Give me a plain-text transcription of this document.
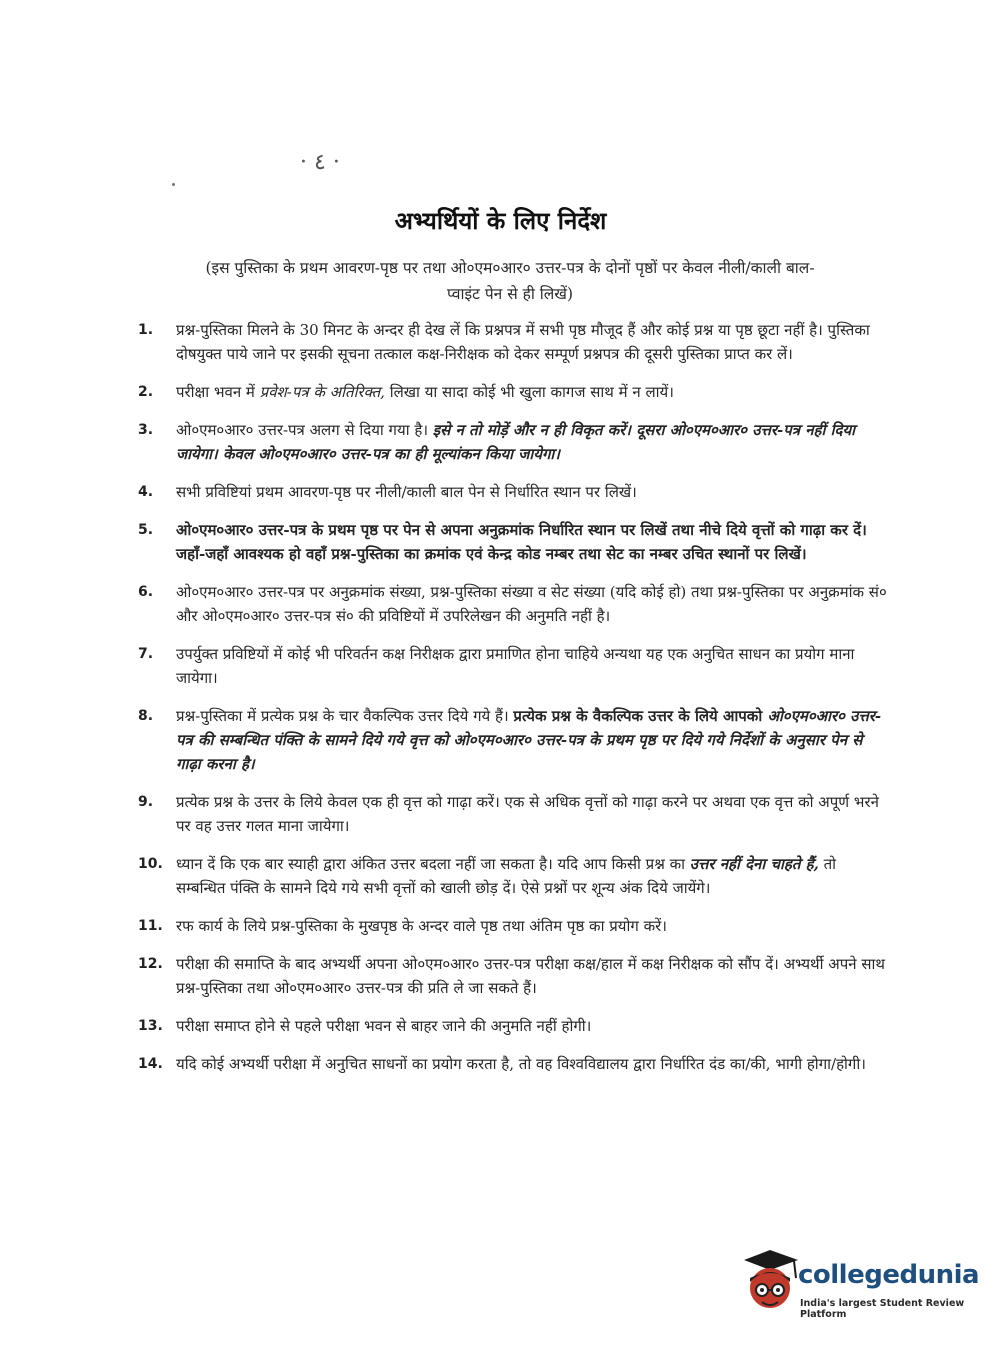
· ٤ ·
अभ्यर्थियों के लिए निर्देश
(इस पुस्तिका के प्रथम आवरण-पृष्ठ पर तथा ओ०एम०आर० उत्तर-पत्र के दोनों पृष्ठों पर केवल नीली/काली बाल-प्वाइंट पेन से ही लिखें)
1. प्रश्न-पुस्तिका मिलने के 30 मिनट के अन्दर ही देख लें कि प्रश्नपत्र में सभी पृष्ठ मौजूद हैं और कोई प्रश्न या पृष्ठ छूटा नहीं है। पुस्तिका दोषयुक्त पाये जाने पर इसकी सूचना तत्काल कक्ष-निरीक्षक को देकर सम्पूर्ण प्रश्नपत्र की दूसरी पुस्तिका प्राप्त कर लें।
2. परीक्षा भवन में प्रवेश-पत्र के अतिरिक्त, लिखा या सादा कोई भी खुला कागज साथ में न लायें।
3. ओ०एम०आर० उत्तर-पत्र अलग से दिया गया है। इसे न तो मोड़ें और न ही विकृत करें। दूसरा ओ०एम०आर० उत्तर-पत्र नहीं दिया जायेगा। केवल ओ०एम०आर० उत्तर-पत्र का ही मूल्यांकन किया जायेगा।
4. सभी प्रविष्टियां प्रथम आवरण-पृष्ठ पर नीली/काली बाल पेन से निर्धारित स्थान पर लिखें।
5. ओ०एम०आर० उत्तर-पत्र के प्रथम पृष्ठ पर पेन से अपना अनुक्रमांक निर्धारित स्थान पर लिखें तथा नीचे दिये वृत्तों को गाढ़ा कर दें। जहाँ-जहाँ आवश्यक हो वहाँ प्रश्न-पुस्तिका का क्रमांक एवं केन्द्र कोड नम्बर तथा सेट का नम्बर उचित स्थानों पर लिखें।
6. ओ०एम०आर० उत्तर-पत्र पर अनुक्रमांक संख्या, प्रश्न-पुस्तिका संख्या व सेट संख्या (यदि कोई हो) तथा प्रश्न-पुस्तिका पर अनुक्रमांक सं० और ओ०एम०आर० उत्तर-पत्र सं० की प्रविष्टियों में उपरिलेखन की अनुमति नहीं है।
7. उपर्युक्त प्रविष्टियों में कोई भी परिवर्तन कक्ष निरीक्षक द्वारा प्रमाणित होना चाहिये अन्यथा यह एक अनुचित साधन का प्रयोग माना जायेगा।
8. प्रश्न-पुस्तिका में प्रत्येक प्रश्न के चार वैकल्पिक उत्तर दिये गये हैं। प्रत्येक प्रश्न के वैकल्पिक उत्तर के लिये आपको ओ०एम०आर० उत्तर-पत्र की सम्बन्धित पंक्ति के सामने दिये गये वृत्त को ओ०एम०आर० उत्तर-पत्र के प्रथम पृष्ठ पर दिये गये निर्देशों के अनुसार पेन से गाढ़ा करना है।
9. प्रत्येक प्रश्न के उत्तर के लिये केवल एक ही वृत्त को गाढ़ा करें। एक से अधिक वृत्तों को गाढ़ा करने पर अथवा एक वृत्त को अपूर्ण भरने पर वह उत्तर गलत माना जायेगा।
10. ध्यान दें कि एक बार स्याही द्वारा अंकित उत्तर बदला नहीं जा सकता है। यदि आप किसी प्रश्न का उत्तर नहीं देना चाहते हैं, तो सम्बन्धित पंक्ति के सामने दिये गये सभी वृत्तों को खाली छोड़ दें। ऐसे प्रश्नों पर शून्य अंक दिये जायेंगे।
11. रफ कार्य के लिये प्रश्न-पुस्तिका के मुखपृष्ठ के अन्दर वाले पृष्ठ तथा अंतिम पृष्ठ का प्रयोग करें।
12. परीक्षा की समाप्ति के बाद अभ्यर्थी अपना ओ०एम०आर० उत्तर-पत्र परीक्षा कक्ष/हाल में कक्ष निरीक्षक को सौंप दें। अभ्यर्थी अपने साथ प्रश्न-पुस्तिका तथा ओ०एम०आर० उत्तर-पत्र की प्रति ले जा सकते हैं।
13. परीक्षा समाप्त होने से पहले परीक्षा भवन से बाहर जाने की अनुमति नहीं होगी।
14. यदि कोई अभ्यर्थी परीक्षा में अनुचित साधनों का प्रयोग करता है, तो वह विश्वविद्यालय द्वारा निर्धारित दंड का/की, भागी होगा/होगी।
collegedunia
India's largest Student Review Platform
